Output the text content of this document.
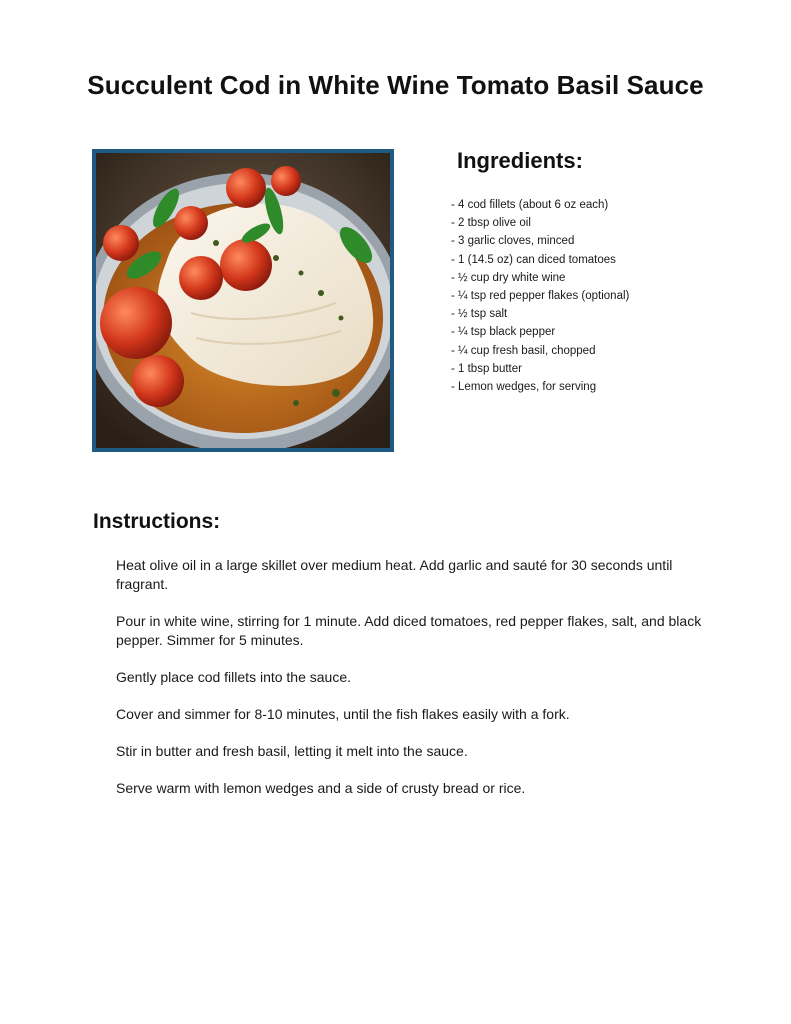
Succulent Cod in White Wine Tomato Basil Sauce
Ingredients:
- 4 cod fillets (about 6 oz each)
- 2 tbsp olive oil
- 3 garlic cloves, minced
- 1 (14.5 oz) can diced tomatoes
- ½ cup dry white wine
- ¼ tsp red pepper flakes (optional)
- ½ tsp salt
- ¼ tsp black pepper
- ¼ cup fresh basil, chopped
- 1 tbsp butter
- Lemon wedges, for serving
Instructions:
Heat olive oil in a large skillet over medium heat. Add garlic and sauté for 30 seconds until fragrant.
Pour in white wine, stirring for 1 minute. Add diced tomatoes, red pepper flakes, salt, and black pepper. Simmer for 5 minutes.
Gently place cod fillets into the sauce.
Cover and simmer for 8-10 minutes, until the fish flakes easily with a fork.
Stir in butter and fresh basil, letting it melt into the sauce.
Serve warm with lemon wedges and a side of crusty bread or rice.
